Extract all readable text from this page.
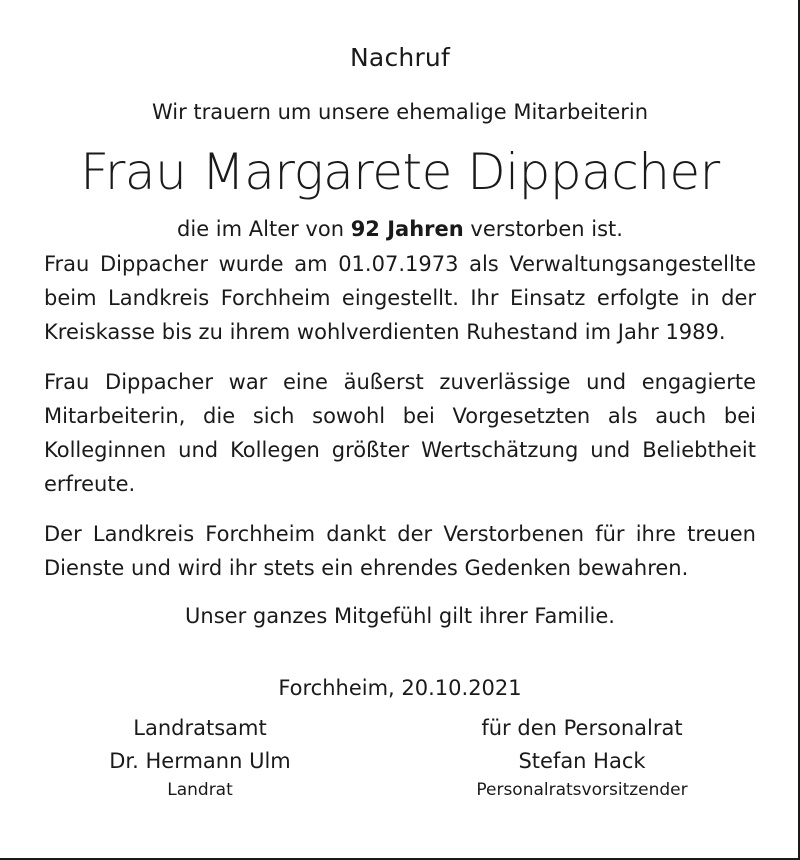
Nachruf
Wir trauern um unsere ehemalige Mitarbeiterin
Frau Margarete Dippacher
die im Alter von 92 Jahren verstorben ist.

Frau Dippacher wurde am 01.07.1973 als Verwaltungsangestellte beim Landkreis Forchheim eingestellt. Ihr Einsatz erfolgte in der Kreiskasse bis zu ihrem wohlverdienten Ruhestand im Jahr 1989.

Frau Dippacher war eine äußerst zuverlässige und engagierte Mitarbeiterin, die sich sowohl bei Vorgesetzten als auch bei Kolleginnen und Kollegen größter Wertschätzung und Beliebtheit erfreute.

Der Landkreis Forchheim dankt der Verstorbenen für ihre treuen Dienste und wird ihr stets ein ehrendes Gedenken bewahren.

Unser ganzes Mitgefühl gilt ihrer Familie.
Forchheim, 20.10.2021
Landratsamt
Dr. Hermann Ulm
Landrat
für den Personalrat
Stefan Hack
Personalratsvorsitzender
